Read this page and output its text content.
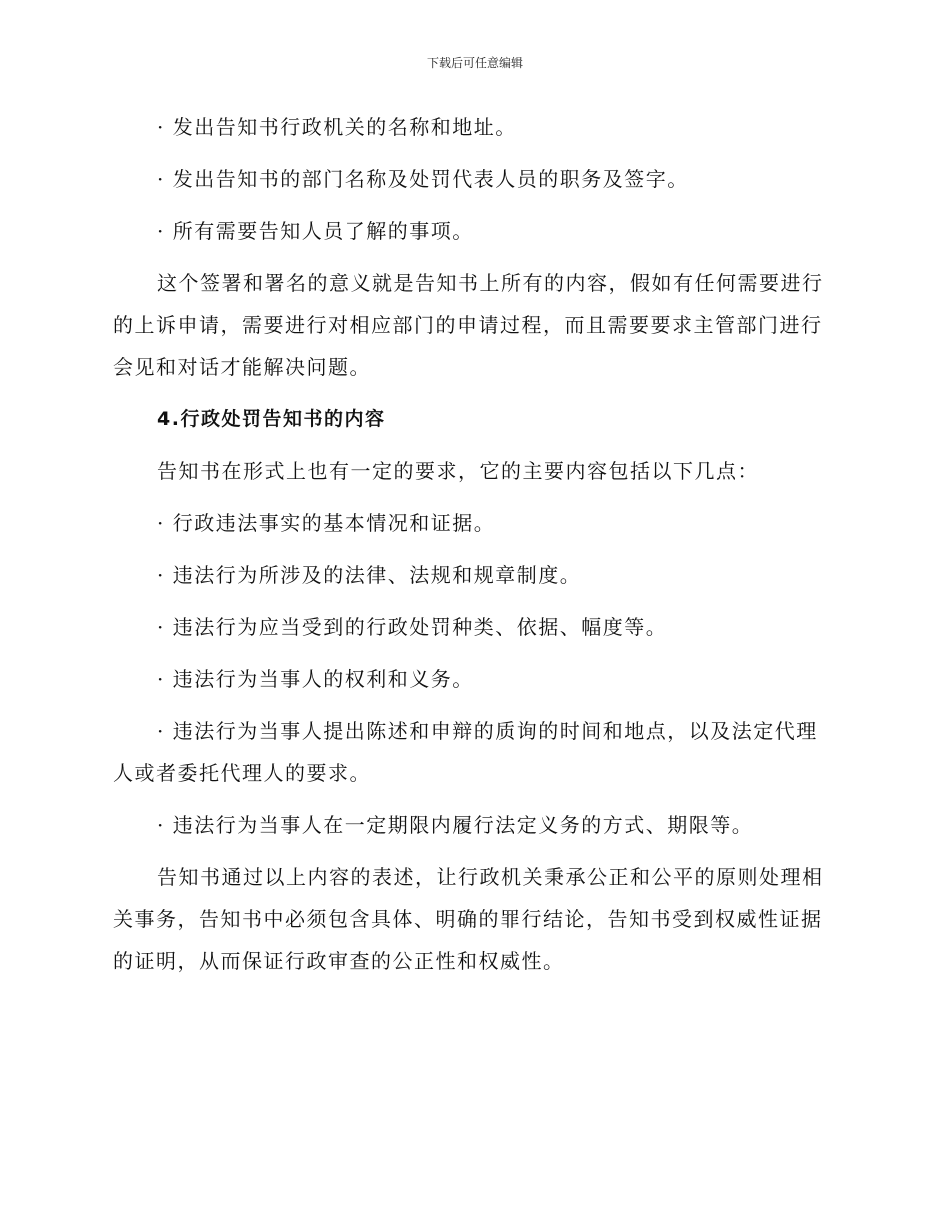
下载后可任意编辑

· 发出告知书行政机关的名称和地址。

· 发出告知书的部门名称及处罚代表人员的职务及签字。

· 所有需要告知人员了解的事项。

这个签署和署名的意义就是告知书上所有的内容，假如有任何需要进行

的上诉申请，需要进行对相应部门的申请过程，而且需要要求主管部门进行

会见和对话才能解决问题。

4.行政处罚告知书的内容

告知书在形式上也有一定的要求，它的主要内容包括以下几点：

· 行政违法事实的基本情况和证据。

· 违法行为所涉及的法律、法规和规章制度。

· 违法行为应当受到的行政处罚种类、依据、幅度等。

· 违法行为当事人的权利和义务。

· 违法行为当事人提出陈述和申辩的质询的时间和地点，以及法定代理

人或者委托代理人的要求。

· 违法行为当事人在一定期限内履行法定义务的方式、期限等。

告知书通过以上内容的表述，让行政机关秉承公正和公平的原则处理相

关事务，告知书中必须包含具体、明确的罪行结论，告知书受到权威性证据

的证明，从而保证行政审查的公正性和权威性。
